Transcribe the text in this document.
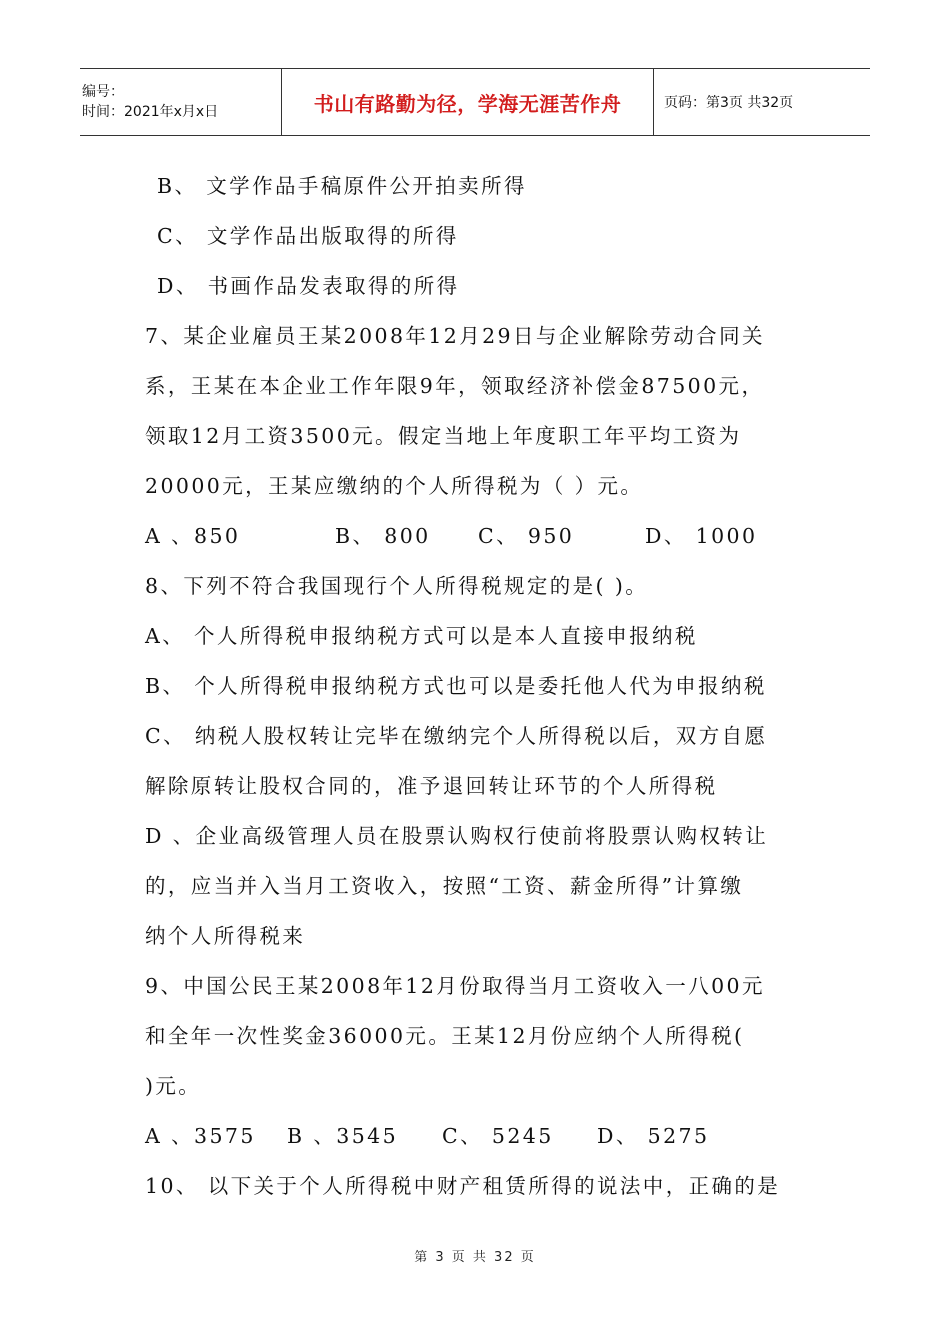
编号：
时间：2021年x月x日	书山有路勤为径，学海无涯苦作舟	页码：第3页 共32页
B、 文学作品手稿原件公开拍卖所得
C、 文学作品出版取得的所得
D、 书画作品发表取得的所得
7、某企业雇员王某2008年12月29日与企业解除劳动合同关
系，王某在本企业工作年限9年，领取经济补偿金87500元，
领取12月工资3500元。假定当地上年度职工年平均工资为
20000元，王某应缴纳的个人所得税为（ ）元。
A 、850	B、 800	C、 950	D、 1000
8、下列不符合我国现行个人所得税规定的是( )。
A、 个人所得税申报纳税方式可以是本人直接申报纳税
B、 个人所得税申报纳税方式也可以是委托他人代为申报纳税
C、 纳税人股权转让完毕在缴纳完个人所得税以后，双方自愿
解除原转让股权合同的，准予退回转让环节的个人所得税
D 、企业高级管理人员在股票认购权行使前将股票认购权转让
的，应当并入当月工资收入，按照“工资、薪金所得”计算缴
纳个人所得税来
9、中国公民王某2008年12月份取得当月工资收入一八00元
和全年一次性奖金36000元。王某12月份应纳个人所得税(
)元。
A 、3575	B 、3545	C、 5245	D、 5275
10、 以下关于个人所得税中财产租赁所得的说法中，正确的是
第 3 页 共 32 页
